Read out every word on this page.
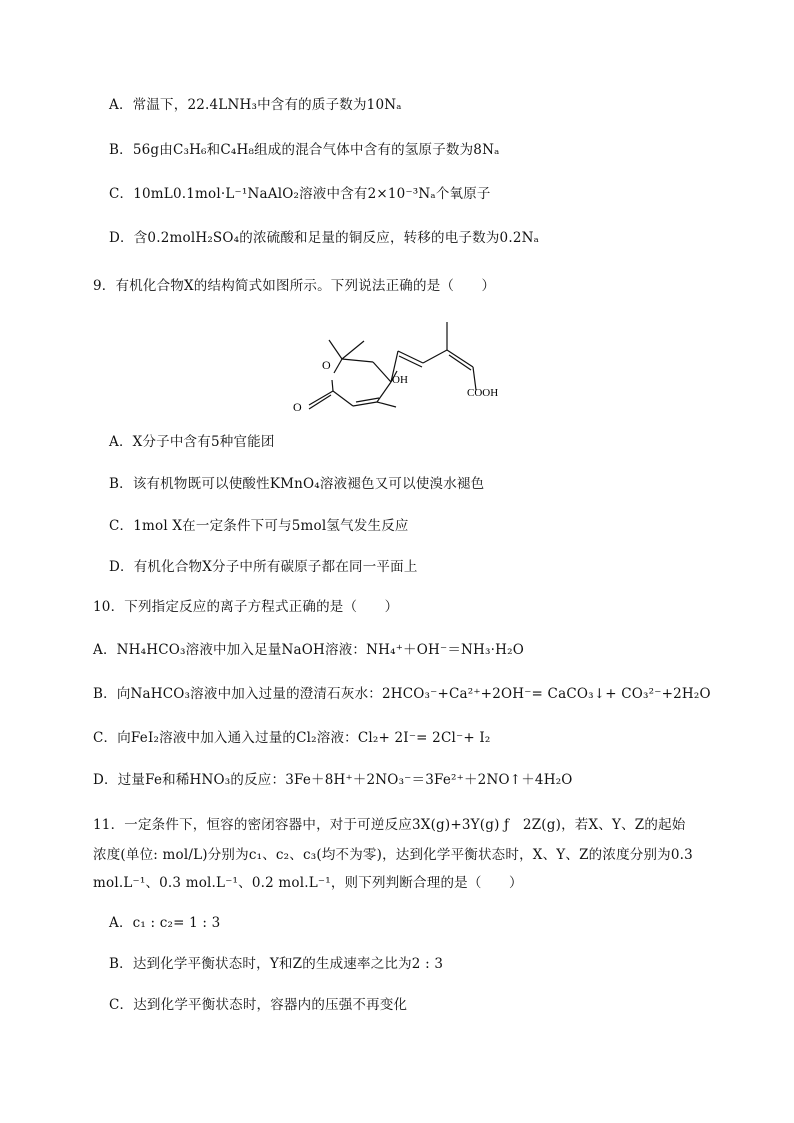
A．常温下，22.4LNH₃中含有的质子数为10Nₐ
B．56g由C₃H₆和C₄H₈组成的混合气体中含有的氢原子数为8Nₐ
C．10mL0.1mol·L⁻¹NaAlO₂溶液中含有2×10⁻³Nₐ个氧原子
D．含0.2molH₂SO₄的浓硫酸和足量的铜反应，转移的电子数为0.2Nₐ
9．有机化合物X的结构简式如图所示。下列说法正确的是（　　）
O
O
OH
COOH
A．X分子中含有5种官能团
B．该有机物既可以使酸性KMnO₄溶液褪色又可以使溴水褪色
C．1mol X在一定条件下可与5mol氢气发生反应
D．有机化合物X分子中所有碳原子都在同一平面上
10．下列指定反应的离子方程式正确的是（　　）
A．NH₄HCO₃溶液中加入足量NaOH溶液：NH₄⁺＋OH⁻＝NH₃·H₂O
B．向NaHCO₃溶液中加入过量的澄清石灰水：2HCO₃⁻+Ca²⁺+2OH⁻= CaCO₃↓+ CO₃²⁻+2H₂O
C．向FeI₂溶液中加入通入过量的Cl₂溶液：Cl₂+ 2I⁻= 2Cl⁻+ I₂
D．过量Fe和稀HNO₃的反应：3Fe＋8H⁺＋2NO₃⁻＝3Fe²⁺＋2NO↑＋4H₂O
11．一定条件下，恒容的密闭容器中，对于可逆反应3X(g)+3Y(g) ƒ　2Z(g)，若X、Y、Z的起始
浓度(单位: mol/L)分别为c₁、c₂、c₃(均不为零)，达到化学平衡状态时，X、Y、Z的浓度分别为0.3
mol.L⁻¹、0.3 mol.L⁻¹、0.2 mol.L⁻¹，则下列判断合理的是（　　）
A．c₁ : c₂= 1 : 3
B．达到化学平衡状态时，Y和Z的生成速率之比为2 : 3
C．达到化学平衡状态时，容器内的压强不再变化
